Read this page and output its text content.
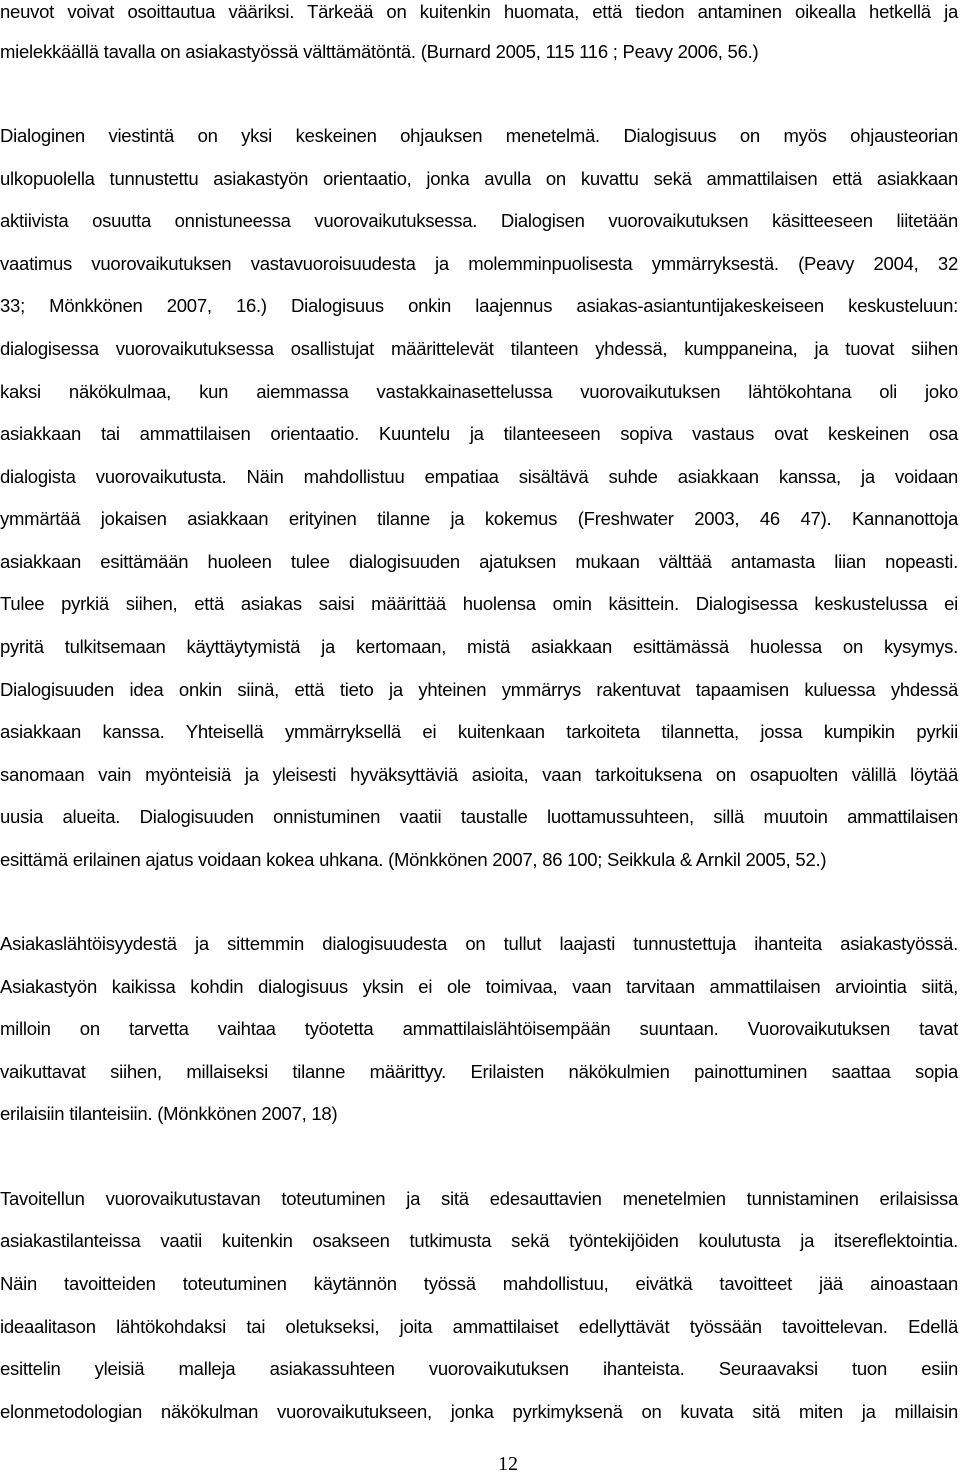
neuvot voivat osoittautua vääriksi. Tärkeää on kuitenkin huomata, että tiedon antaminen oikealla hetkellä ja
mielekkäällä tavalla on asiakastyössä välttämätöntä. (Burnard 2005, 115 116 ; Peavy 2006, 56.)
Dialoginen viestintä on yksi keskeinen ohjauksen menetelmä. Dialogisuus on myös ohjausteorian
ulkopuolella tunnustettu asiakastyön orientaatio, jonka avulla on kuvattu sekä ammattilaisen että asiakkaan
aktiivista osuutta onnistuneessa vuorovaikutuksessa. Dialogisen vuorovaikutuksen käsitteeseen liitetään
vaatimus vuorovaikutuksen vastavuoroisuudesta ja molemminpuolisesta ymmärryksestä. (Peavy 2004, 32
33; Mönkkönen 2007, 16.) Dialogisuus onkin laajennus asiakas-asiantuntijakeskeiseen keskusteluun:
dialogisessa vuorovaikutuksessa osallistujat määrittelevät tilanteen yhdessä, kumppaneina, ja tuovat siihen
kaksi näkökulmaa, kun aiemmassa vastakkainasettelussa vuorovaikutuksen lähtökohtana oli joko
asiakkaan tai ammattilaisen orientaatio. Kuuntelu ja tilanteeseen sopiva vastaus ovat keskeinen osa
dialogista vuorovaikutusta. Näin mahdollistuu empatiaa sisältävä suhde asiakkaan kanssa, ja voidaan
ymmärtää jokaisen asiakkaan erityinen tilanne ja kokemus (Freshwater 2003, 46 47). Kannanottoja
asiakkaan esittämään huoleen tulee dialogisuuden ajatuksen mukaan välttää antamasta liian nopeasti.
Tulee pyrkiä siihen, että asiakas saisi määrittää huolensa omin käsittein. Dialogisessa keskustelussa ei
pyritä tulkitsemaan käyttäytymistä ja kertomaan, mistä asiakkaan esittämässä huolessa on kysymys.
Dialogisuuden idea onkin siinä, että tieto ja yhteinen ymmärrys rakentuvat tapaamisen kuluessa yhdessä
asiakkaan kanssa. Yhteisellä ymmärryksellä ei kuitenkaan tarkoiteta tilannetta, jossa kumpikin pyrkii
sanomaan vain myönteisiä ja yleisesti hyväksyttäviä asioita, vaan tarkoituksena on osapuolten välillä löytää
uusia alueita. Dialogisuuden onnistuminen vaatii taustalle luottamussuhteen, sillä muutoin ammattilaisen
esittämä erilainen ajatus voidaan kokea uhkana. (Mönkkönen 2007, 86 100; Seikkula & Arnkil 2005, 52.)
Asiakaslähtöisyydestä ja sittemmin dialogisuudesta on tullut laajasti tunnustettuja ihanteita asiakastyössä.
Asiakastyön kaikissa kohdin dialogisuus yksin ei ole toimivaa, vaan tarvitaan ammattilaisen arviointia siitä,
milloin on tarvetta vaihtaa työotetta ammattilaislähtöisempään suuntaan. Vuorovaikutuksen tavat
vaikuttavat siihen, millaiseksi tilanne määrittyy. Erilaisten näkökulmien painottuminen saattaa sopia
erilaisiin tilanteisiin. (Mönkkönen 2007, 18)
Tavoitellun vuorovaikutustavan toteutuminen ja sitä edesauttavien menetelmien tunnistaminen erilaisissa
asiakastilanteissa vaatii kuitenkin osakseen tutkimusta sekä työntekijöiden koulutusta ja itsereflektointia.
Näin tavoitteiden toteutuminen käytännön työssä mahdollistuu, eivätkä tavoitteet jää ainoastaan
ideaalitason lähtökohdaksi tai oletukseksi, joita ammattilaiset edellyttävät työssään tavoittelevan. Edellä
esittelin yleisiä malleja asiakassuhteen vuorovaikutuksen ihanteista. Seuraavaksi tuon esiin
elonmetodologian näkökulman vuorovaikutukseen, jonka pyrkimyksenä on kuvata sitä miten ja millaisin
12
